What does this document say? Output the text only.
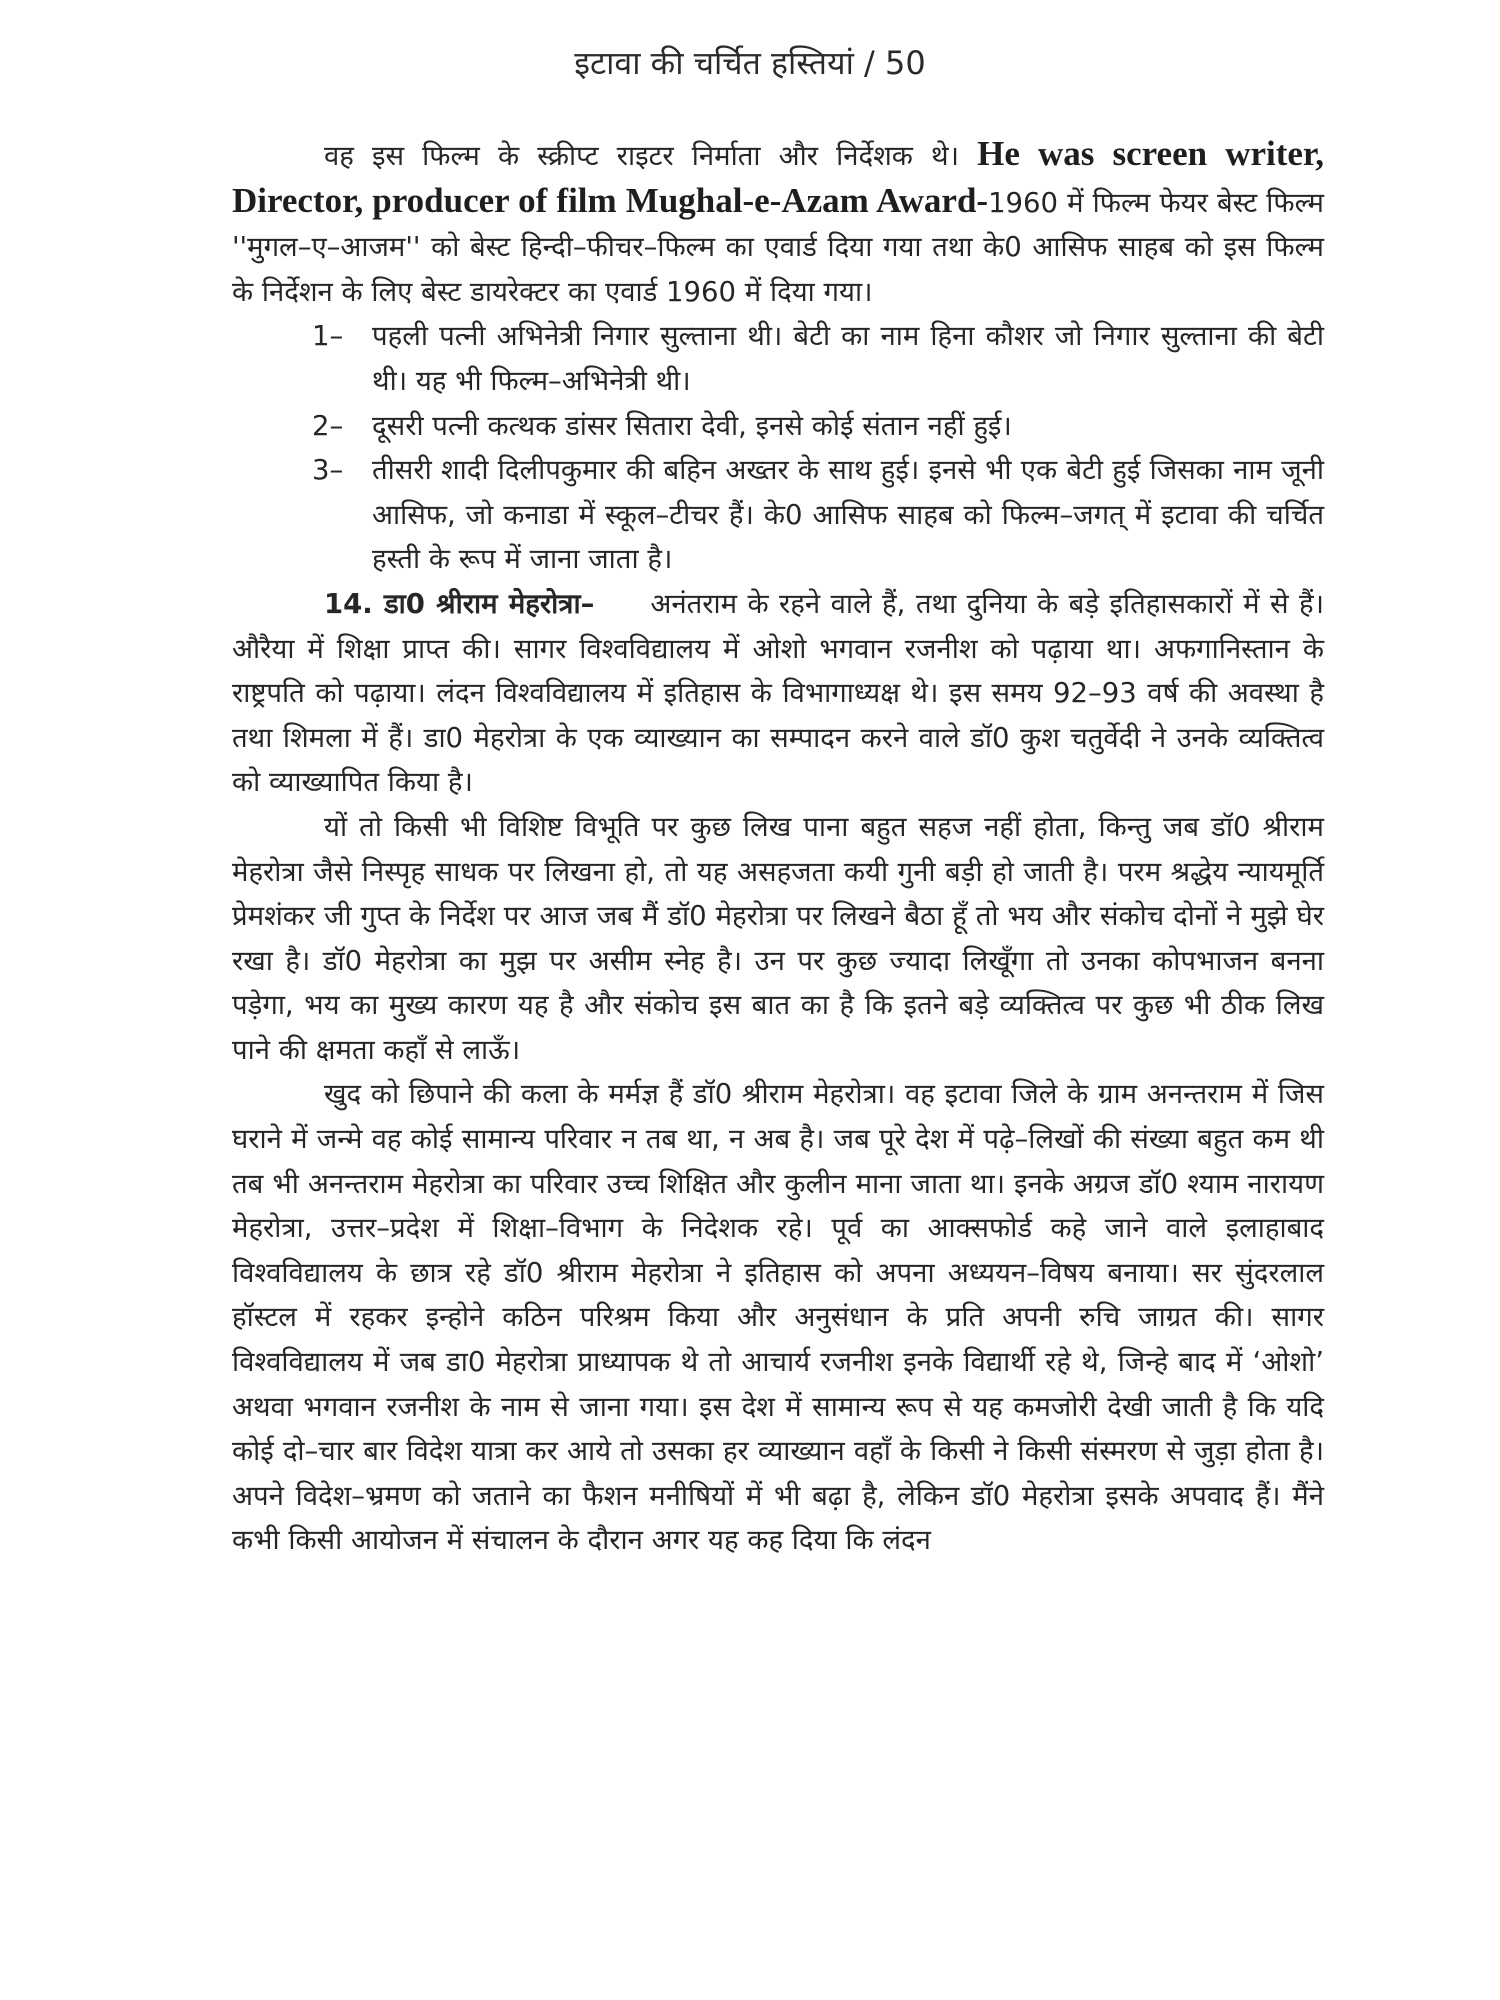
इटावा की चर्चित हस्तियां / 50

वह इस फिल्म के स्क्रीप्ट राइटर निर्माता और निर्देशक थे। He was screen writer, Director, producer of film Mughal-e-Azam Award-1960 में फिल्म फेयर बेस्ट फिल्म ''मुगल–ए–आजम'' को बेस्ट हिन्दी–फीचर–फिल्म का एवार्ड दिया गया तथा के0 आसिफ साहब को इस फिल्म के निर्देशन के लिए बेस्ट डायरेक्टर का एवार्ड 1960 में दिया गया।

1– पहली पत्नी अभिनेत्री निगार सुल्ताना थी। बेटी का नाम हिना कौशर जो निगार सुल्ताना की बेटी थी। यह भी फिल्म–अभिनेत्री थी।

2– दूसरी पत्नी कत्थक डांसर सितारा देवी, इनसे कोई संतान नहीं हुई।

3– तीसरी शादी दिलीपकुमार की बहिन अख्तर के साथ हुई। इनसे भी एक बेटी हुई जिसका नाम जूनी आसिफ, जो कनाडा में स्कूल–टीचर हैं। के0 आसिफ साहब को फिल्म–जगत् में इटावा की चर्चित हस्ती के रूप में जाना जाता है।

14. डा0 श्रीराम मेहरोत्रा– अनंतराम के रहने वाले हैं, तथा दुनिया के बड़े इतिहासकारों में से हैं। औरैया में शिक्षा प्राप्त की। सागर विश्वविद्यालय में ओशो भगवान रजनीश को पढ़ाया था। अफगानिस्तान के राष्ट्रपति को पढ़ाया। लंदन विश्वविद्यालय में इतिहास के विभागाध्यक्ष थे। इस समय 92–93 वर्ष की अवस्था है तथा शिमला में हैं। डा0 मेहरोत्रा के एक व्याख्यान का सम्पादन करने वाले डॉ0 कुश चतुर्वेदी ने उनके व्यक्तित्व को व्याख्यापित किया है।

यों तो किसी भी विशिष्ट विभूति पर कुछ लिख पाना बहुत सहज नहीं होता, किन्तु जब डॉ0 श्रीराम मेहरोत्रा जैसे निस्पृह साधक पर लिखना हो, तो यह असहजता कयी गुनी बड़ी हो जाती है। परम श्रद्धेय न्यायमूर्ति प्रेमशंकर जी गुप्त के निर्देश पर आज जब मैं डॉ0 मेहरोत्रा पर लिखने बैठा हूँ तो भय और संकोच दोनों ने मुझे घेर रखा है। डॉ0 मेहरोत्रा का मुझ पर असीम स्नेह है। उन पर कुछ ज्यादा लिखूँगा तो उनका कोपभाजन बनना पड़ेगा, भय का मुख्य कारण यह है और संकोच इस बात का है कि इतने बड़े व्यक्तित्व पर कुछ भी ठीक लिख पाने की क्षमता कहाँ से लाऊँ।

खुद को छिपाने की कला के मर्मज्ञ हैं डॉ0 श्रीराम मेहरोत्रा। वह इटावा जिले के ग्राम अनन्तराम में जिस घराने में जन्मे वह कोई सामान्य परिवार न तब था, न अब है। जब पूरे देश में पढ़े–लिखों की संख्या बहुत कम थी तब भी अनन्तराम मेहरोत्रा का परिवार उच्च शिक्षित और कुलीन माना जाता था। इनके अग्रज डॉ0 श्याम नारायण मेहरोत्रा, उत्तर–प्रदेश में शिक्षा–विभाग के निदेशक रहे। पूर्व का आक्सफोर्ड कहे जाने वाले इलाहाबाद विश्वविद्यालय के छात्र रहे डॉ0 श्रीराम मेहरोत्रा ने इतिहास को अपना अध्ययन–विषय बनाया। सर सुंदरलाल हॉस्टल में रहकर इन्होने कठिन परिश्रम किया और अनुसंधान के प्रति अपनी रुचि जाग्रत की। सागर विश्वविद्यालय में जब डा0 मेहरोत्रा प्राध्यापक थे तो आचार्य रजनीश इनके विद्यार्थी रहे थे, जिन्हे बाद में ‘ओशो’ अथवा भगवान रजनीश के नाम से जाना गया। इस देश में सामान्य रूप से यह कमजोरी देखी जाती है कि यदि कोई दो–चार बार विदेश यात्रा कर आये तो उसका हर व्याख्यान वहाँ के किसी ने किसी संस्मरण से जुड़ा होता है। अपने विदेश–भ्रमण को जताने का फैशन मनीषियों में भी बढ़ा है, लेकिन डॉ0 मेहरोत्रा इसके अपवाद हैं। मैंने कभी किसी आयोजन में संचालन के दौरान अगर यह कह दिया कि लंदन
